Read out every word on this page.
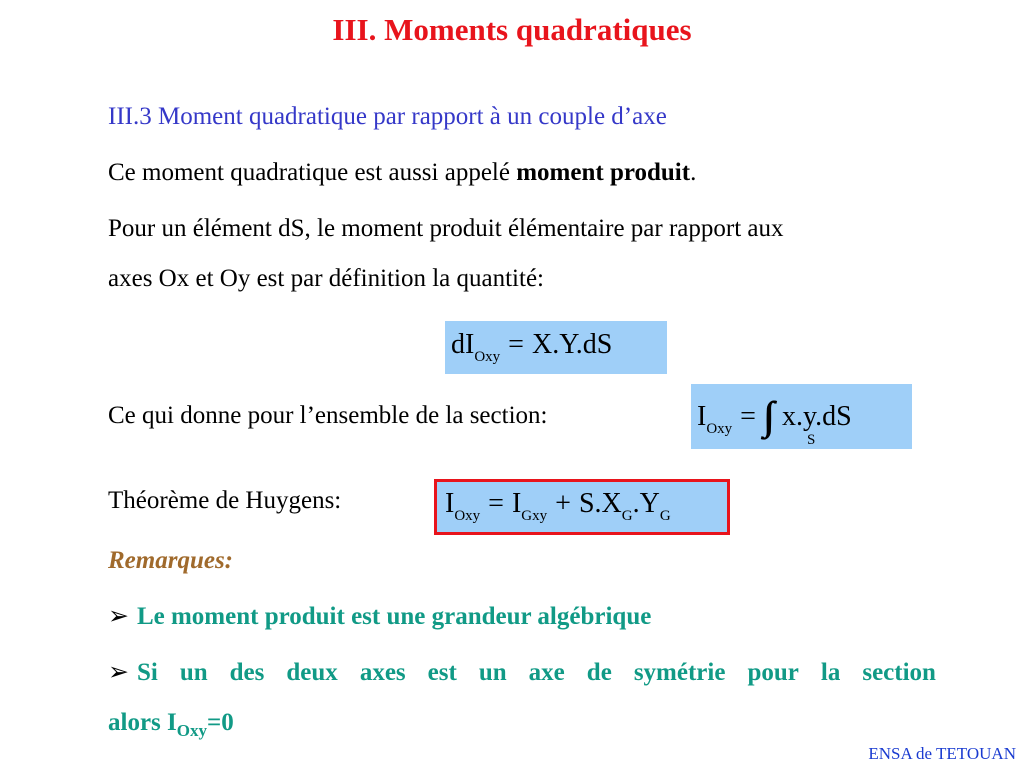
III. Moments quadratiques
III.3 Moment quadratique par rapport à un couple d’axe
Ce moment quadratique est aussi appelé moment produit.
Pour un élément dS, le moment produit élémentaire par rapport aux
axes Ox et Oy est par définition la quantité:
$dI_{Oxy} = X.Y.dS$
Ce qui donne pour l’ensemble de la section:	$I_{Oxy}$ =
S
x.y.dS
Théorème de Huygens:	$I_{Oxy} = I_{Gxy} + S.X_G.Y_G$
Remarques:
➢ Le moment produit est une grandeur algébrique
➢ Si un des deux axes est un axe de symétrie pour la section
alors $I_{Oxy}=0$
ENSA de TETOUAN
